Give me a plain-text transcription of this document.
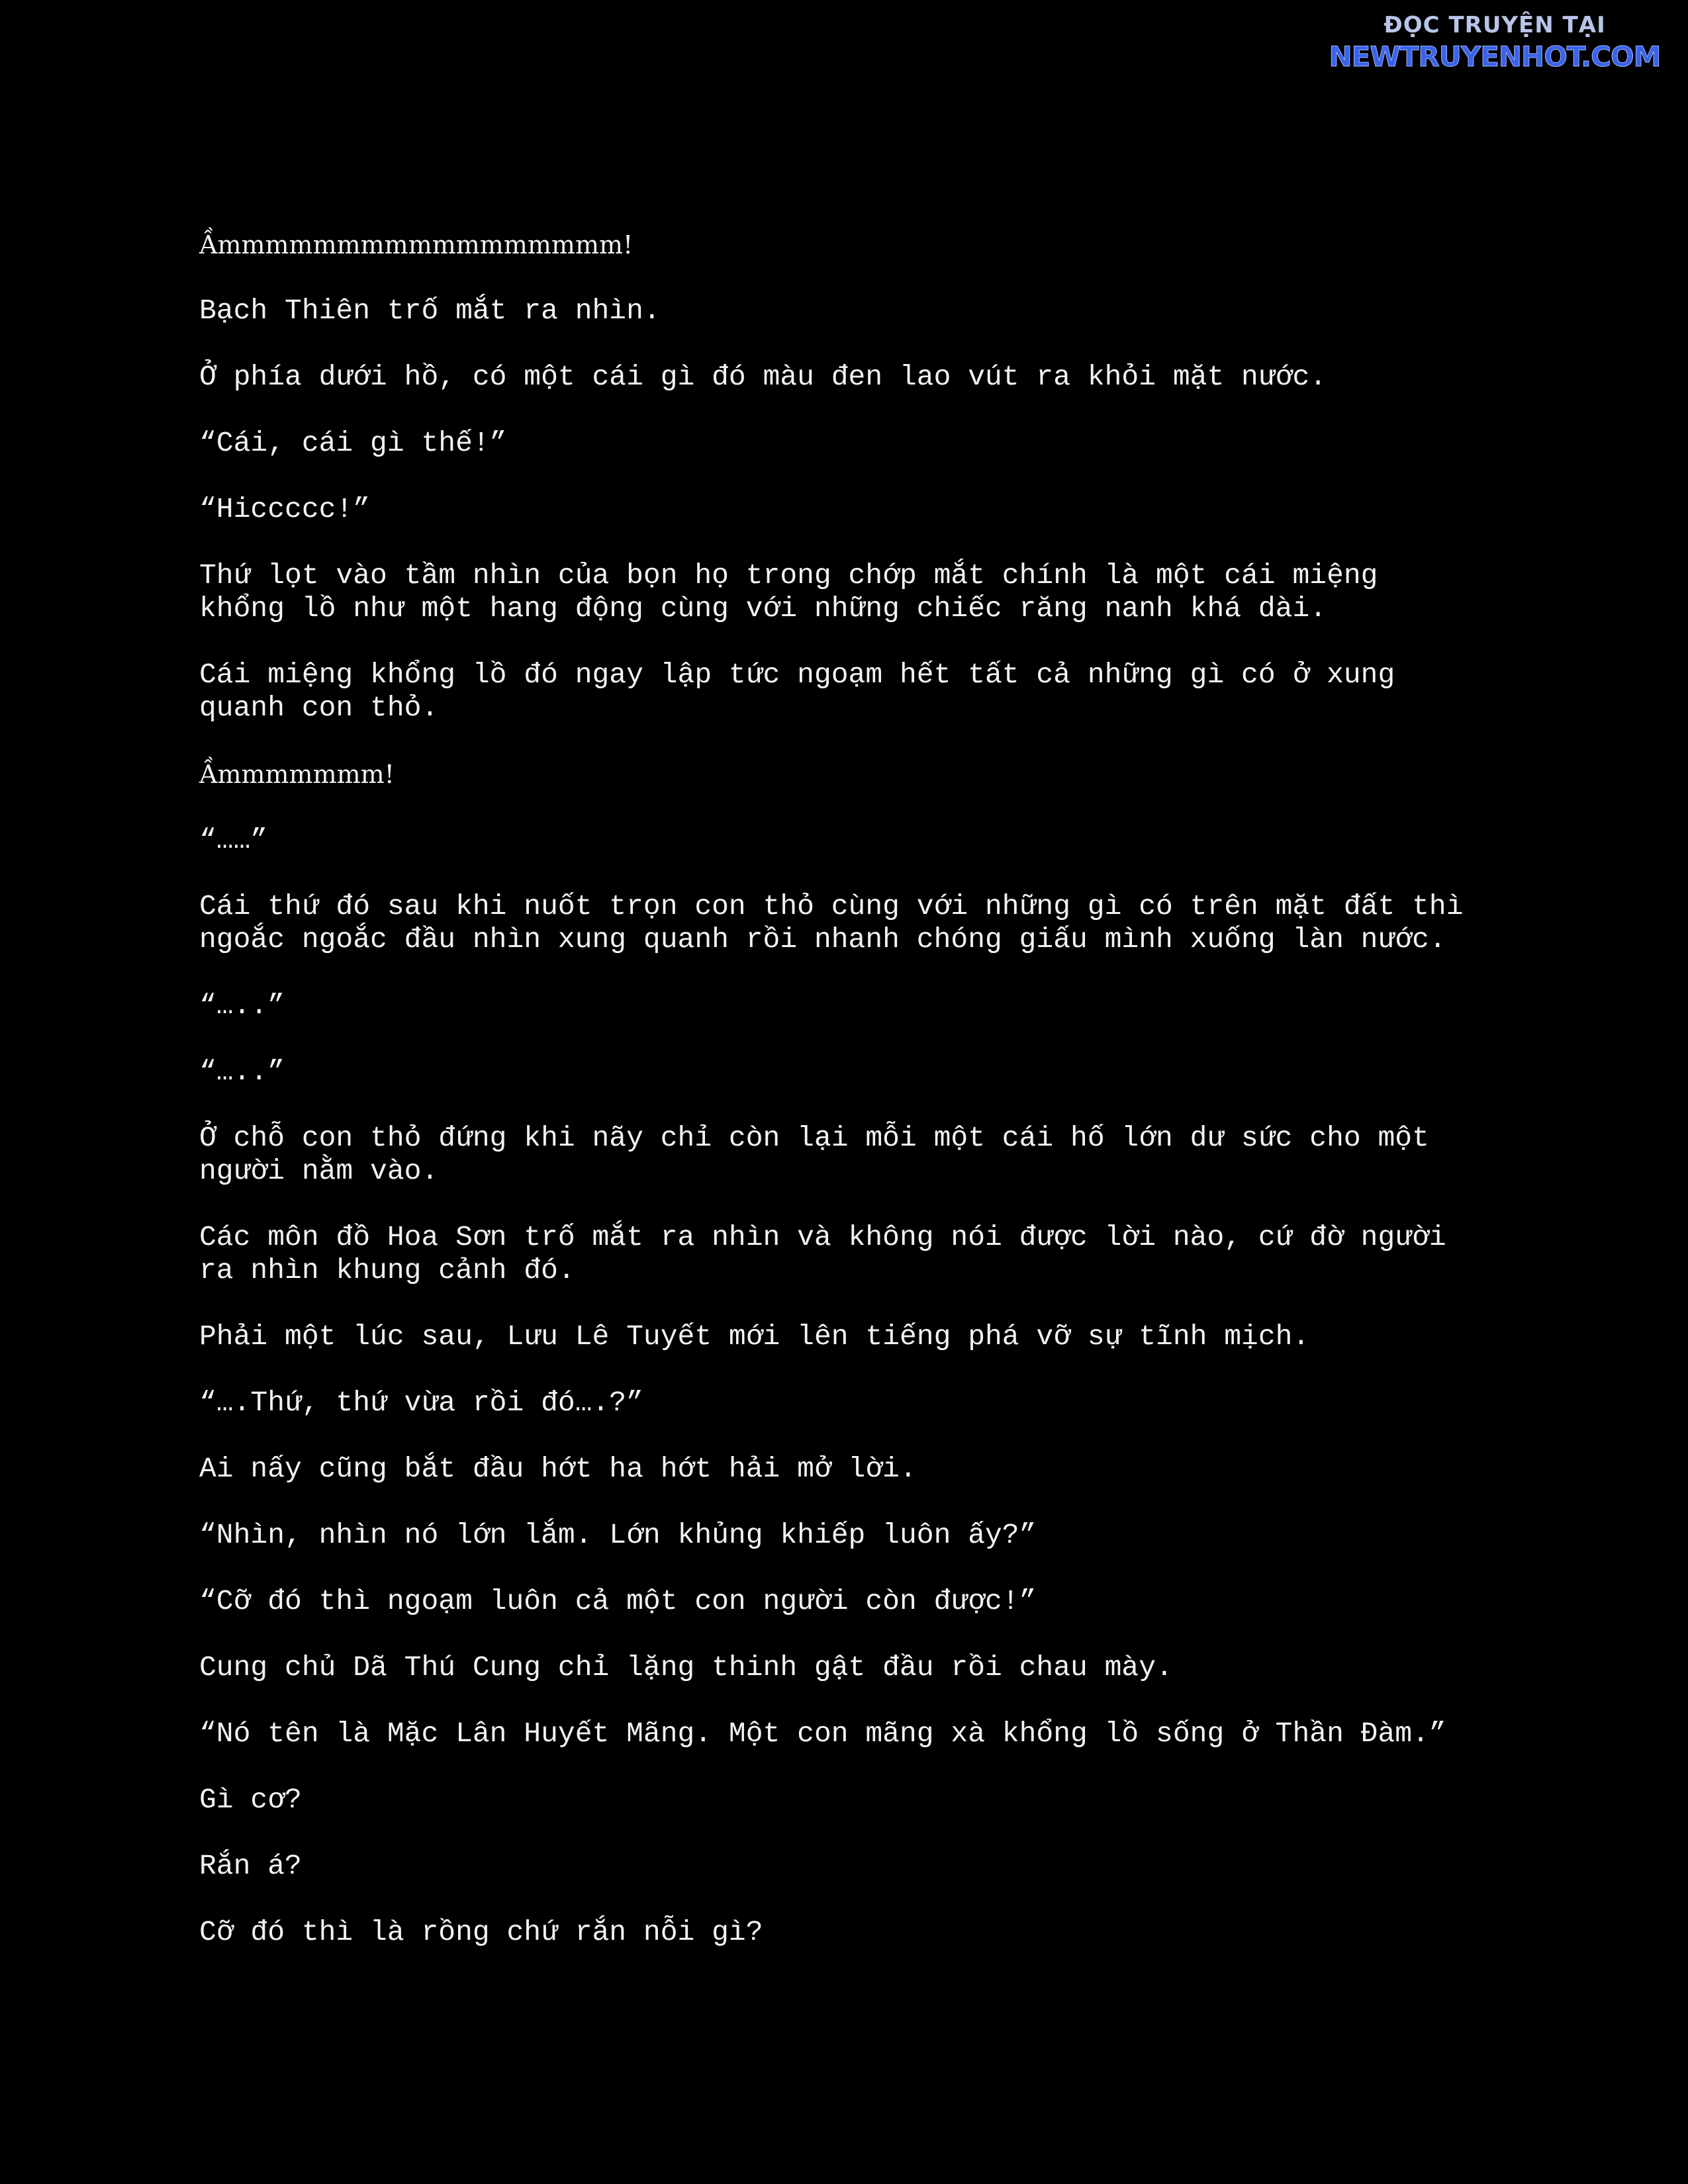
ĐỌC TRUYỆN TẠI
NEWTRUYENHOT.COM

Ầmmmmmmmmmmmmmmmmm!

Bạch Thiên trố mắt ra nhìn.

Ở phía dưới hồ, có một cái gì đó màu đen lao vút ra khỏi mặt nước.

“Cái, cái gì thế!”

“Hiccccc!”

Thứ lọt vào tầm nhìn của bọn họ trong chớp mắt chính là một cái miệng
khổng lồ như một hang động cùng với những chiếc răng nanh khá dài.

Cái miệng khổng lồ đó ngay lập tức ngoạm hết tất cả những gì có ở xung
quanh con thỏ.

Ầmmmmmmm!

“……”

Cái thứ đó sau khi nuốt trọn con thỏ cùng với những gì có trên mặt đất thì
ngoắc ngoắc đầu nhìn xung quanh rồi nhanh chóng giấu mình xuống làn nước.

“…..”

“…..”

Ở chỗ con thỏ đứng khi nãy chỉ còn lại mỗi một cái hố lớn dư sức cho một
người nằm vào.

Các môn đồ Hoa Sơn trố mắt ra nhìn và không nói được lời nào, cứ đờ người
ra nhìn khung cảnh đó.

Phải một lúc sau, Lưu Lê Tuyết mới lên tiếng phá vỡ sự tĩnh mịch.

“….Thứ, thứ vừa rồi đó….?”

Ai nấy cũng bắt đầu hớt ha hớt hải mở lời.

“Nhìn, nhìn nó lớn lắm. Lớn khủng khiếp luôn ấy?”

“Cỡ đó thì ngoạm luôn cả một con người còn được!”

Cung chủ Dã Thú Cung chỉ lặng thinh gật đầu rồi chau mày.

“Nó tên là Mặc Lân Huyết Mãng. Một con mãng xà khổng lồ sống ở Thần Đàm.”

Gì cơ?

Rắn á?

Cỡ đó thì là rồng chứ rắn nỗi gì?
